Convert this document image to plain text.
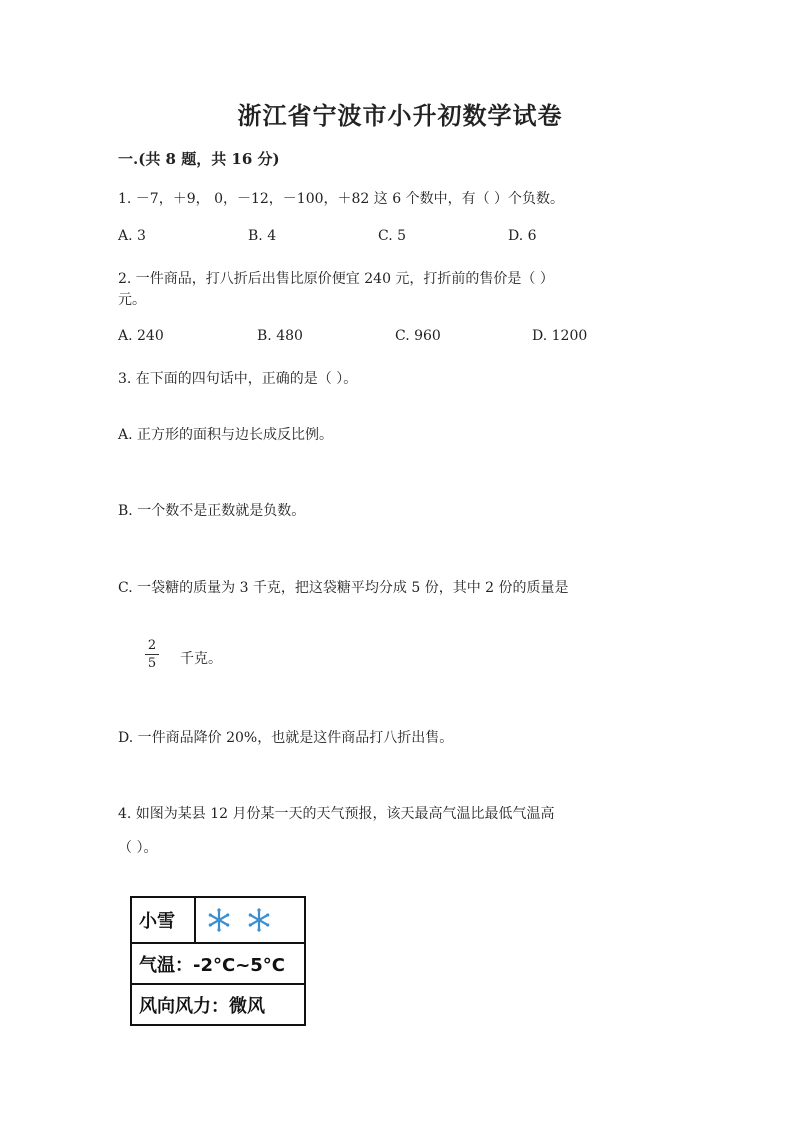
浙江省宁波市小升初数学试卷
一.(共 8 题，共 16 分)
1. －7，＋9， 0，－12，－100，＋82 这 6 个数中，有（ ）个负数。
A. 3	B. 4	C. 5	D. 6
2. 一件商品，打八折后出售比原价便宜 240 元，打折前的售价是（ ）
元。
A. 240	B. 480	C. 960	D. 1200
3. 在下面的四句话中，正确的是（ ）。
A. 正方形的面积与边长成反比例。
B. 一个数不是正数就是负数。
C. 一袋糖的质量为 3 千克，把这袋糖平均分成 5 份，其中 2 份的质量是
2
5 千克。
D. 一件商品降价 20%，也就是这件商品打八折出售。
4. 如图为某县 12 月份某一天的天气预报，该天最高气温比最低气温高
（ ）。
小雪
气温：-2°C~5°C
风向风力：微风
